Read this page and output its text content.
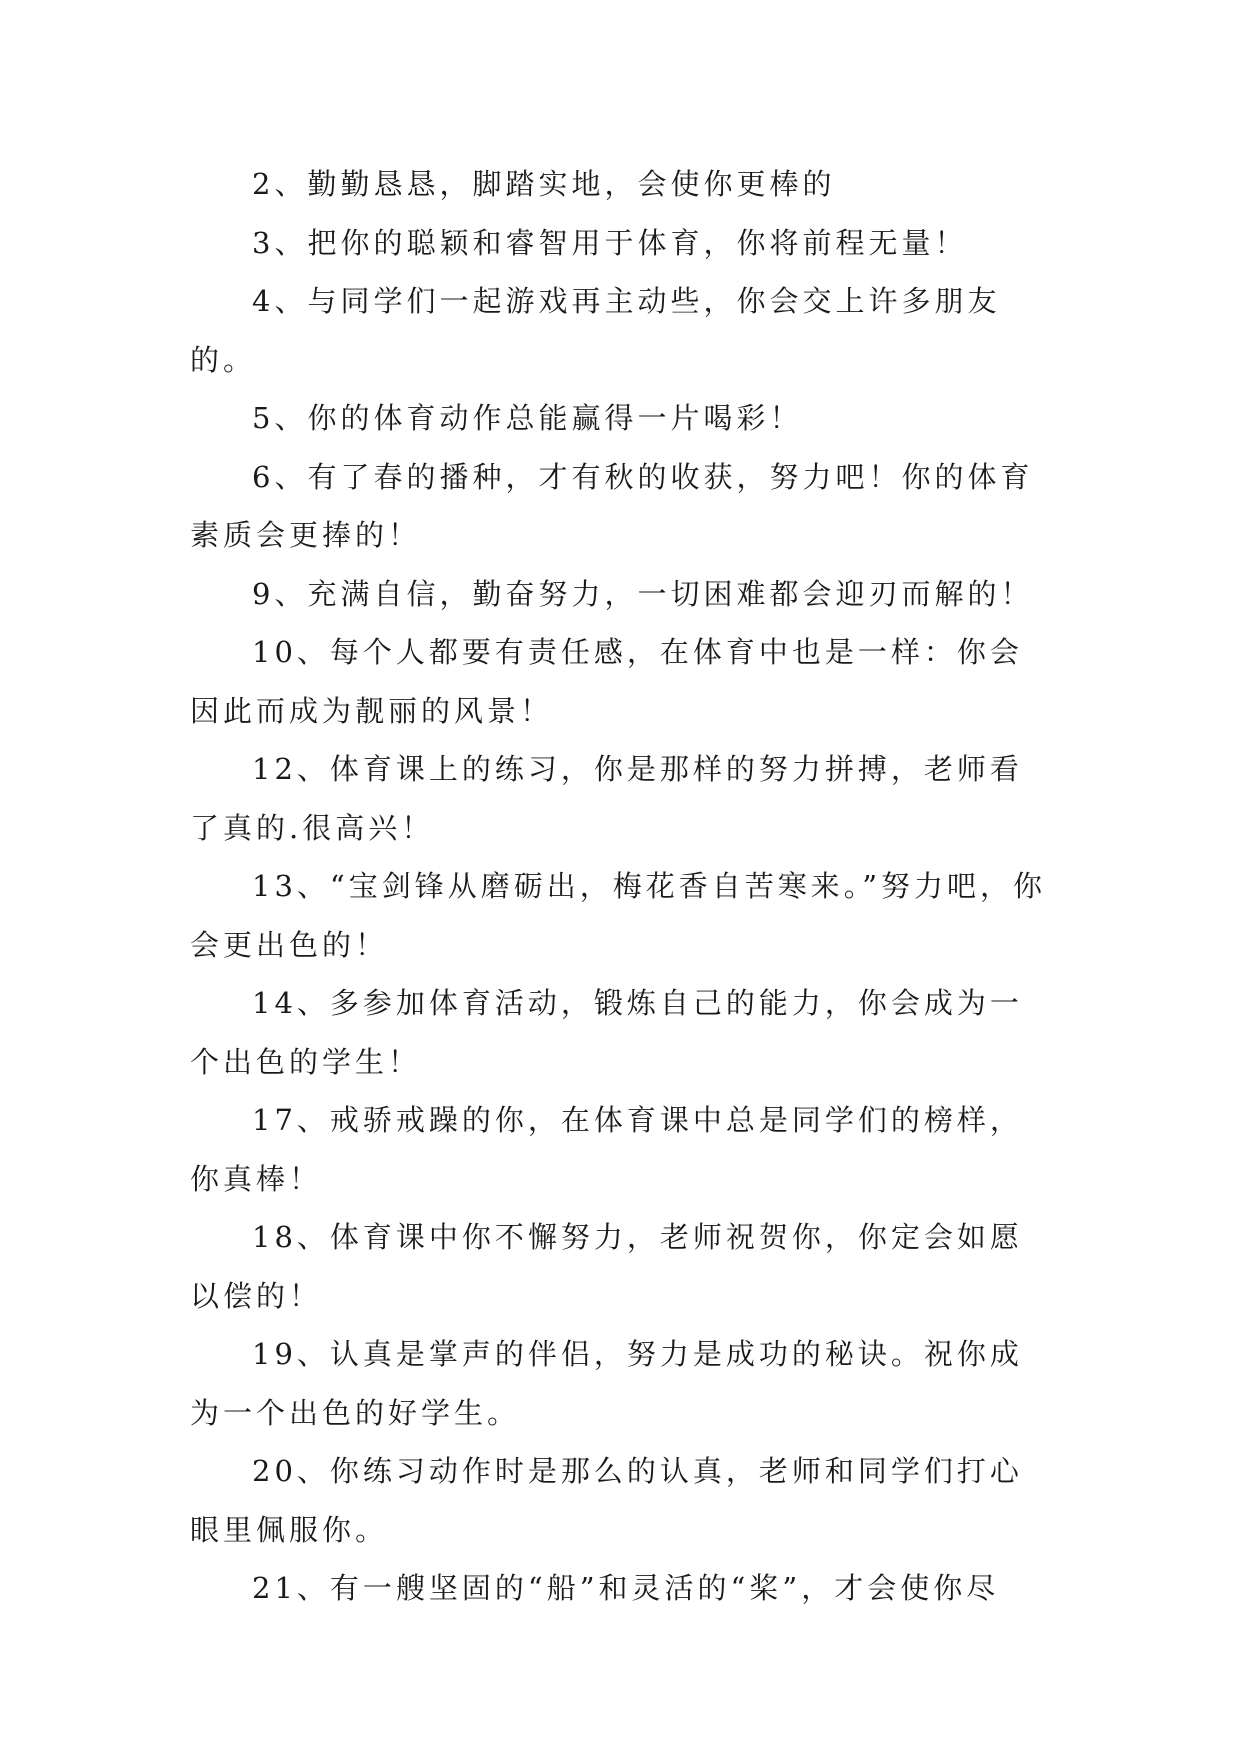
2、勤勤恳恳，脚踏实地，会使你更棒的

3、把你的聪颖和睿智用于体育，你将前程无量！

4、与同学们一起游戏再主动些，你会交上许多朋友的。

5、你的体育动作总能赢得一片喝彩！

6、有了春的播种，才有秋的收获，努力吧！你的体育素质会更捧的！

9、充满自信，勤奋努力，一切困难都会迎刃而解的！

10、每个人都要有责任感，在体育中也是一样：你会因此而成为靓丽的风景！

12、体育课上的练习，你是那样的努力拼搏，老师看了真的.很高兴！

13、“宝剑锋从磨砺出，梅花香自苦寒来。”努力吧，你会更出色的！

14、多参加体育活动，锻炼自己的能力，你会成为一个出色的学生！

17、戒骄戒躁的你，在体育课中总是同学们的榜样，你真棒！

18、体育课中你不懈努力，老师祝贺你，你定会如愿以偿的！

19、认真是掌声的伴侣，努力是成功的秘诀。祝你成为一个出色的好学生。

20、你练习动作时是那么的认真，老师和同学们打心眼里佩服你。

21、有一艘坚固的“船”和灵活的“桨”，才会使你尽
